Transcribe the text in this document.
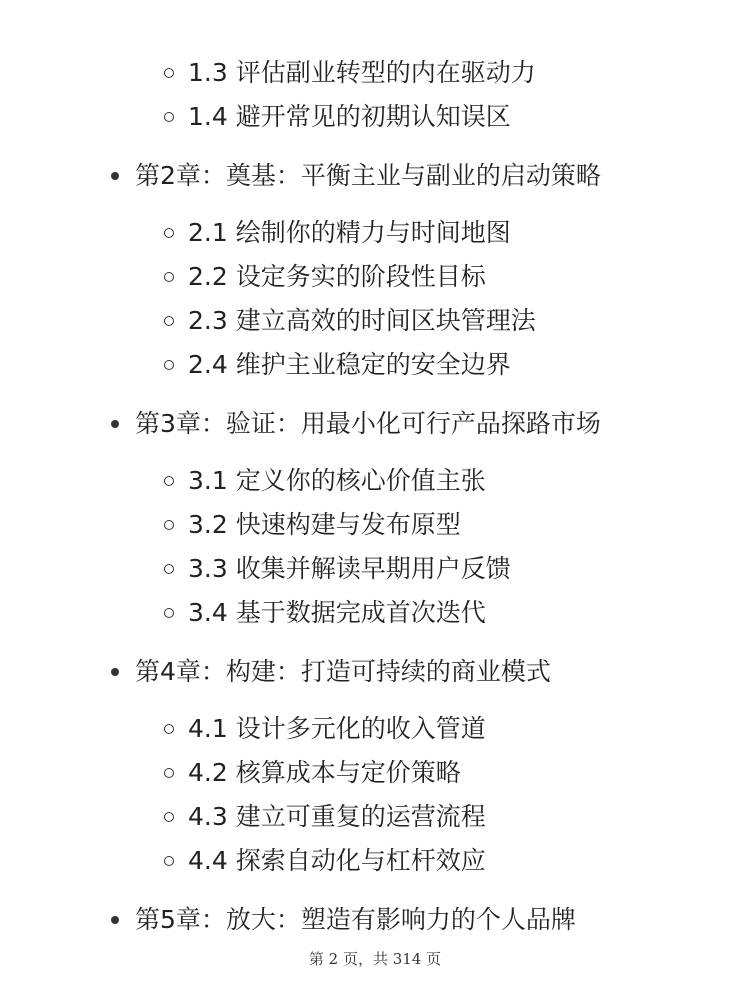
1.3 评估副业转型的内在驱动力
1.4 避开常见的初期认知误区
第2章：奠基：平衡主业与副业的启动策略
2.1 绘制你的精力与时间地图
2.2 设定务实的阶段性目标
2.3 建立高效的时间区块管理法
2.4 维护主业稳定的安全边界
第3章：验证：用最小化可行产品探路市场
3.1 定义你的核心价值主张
3.2 快速构建与发布原型
3.3 收集并解读早期用户反馈
3.4 基于数据完成首次迭代
第4章：构建：打造可持续的商业模式
4.1 设计多元化的收入管道
4.2 核算成本与定价策略
4.3 建立可重复的运营流程
4.4 探索自动化与杠杆效应
第5章：放大：塑造有影响力的个人品牌
第 2 页，共 314 页
